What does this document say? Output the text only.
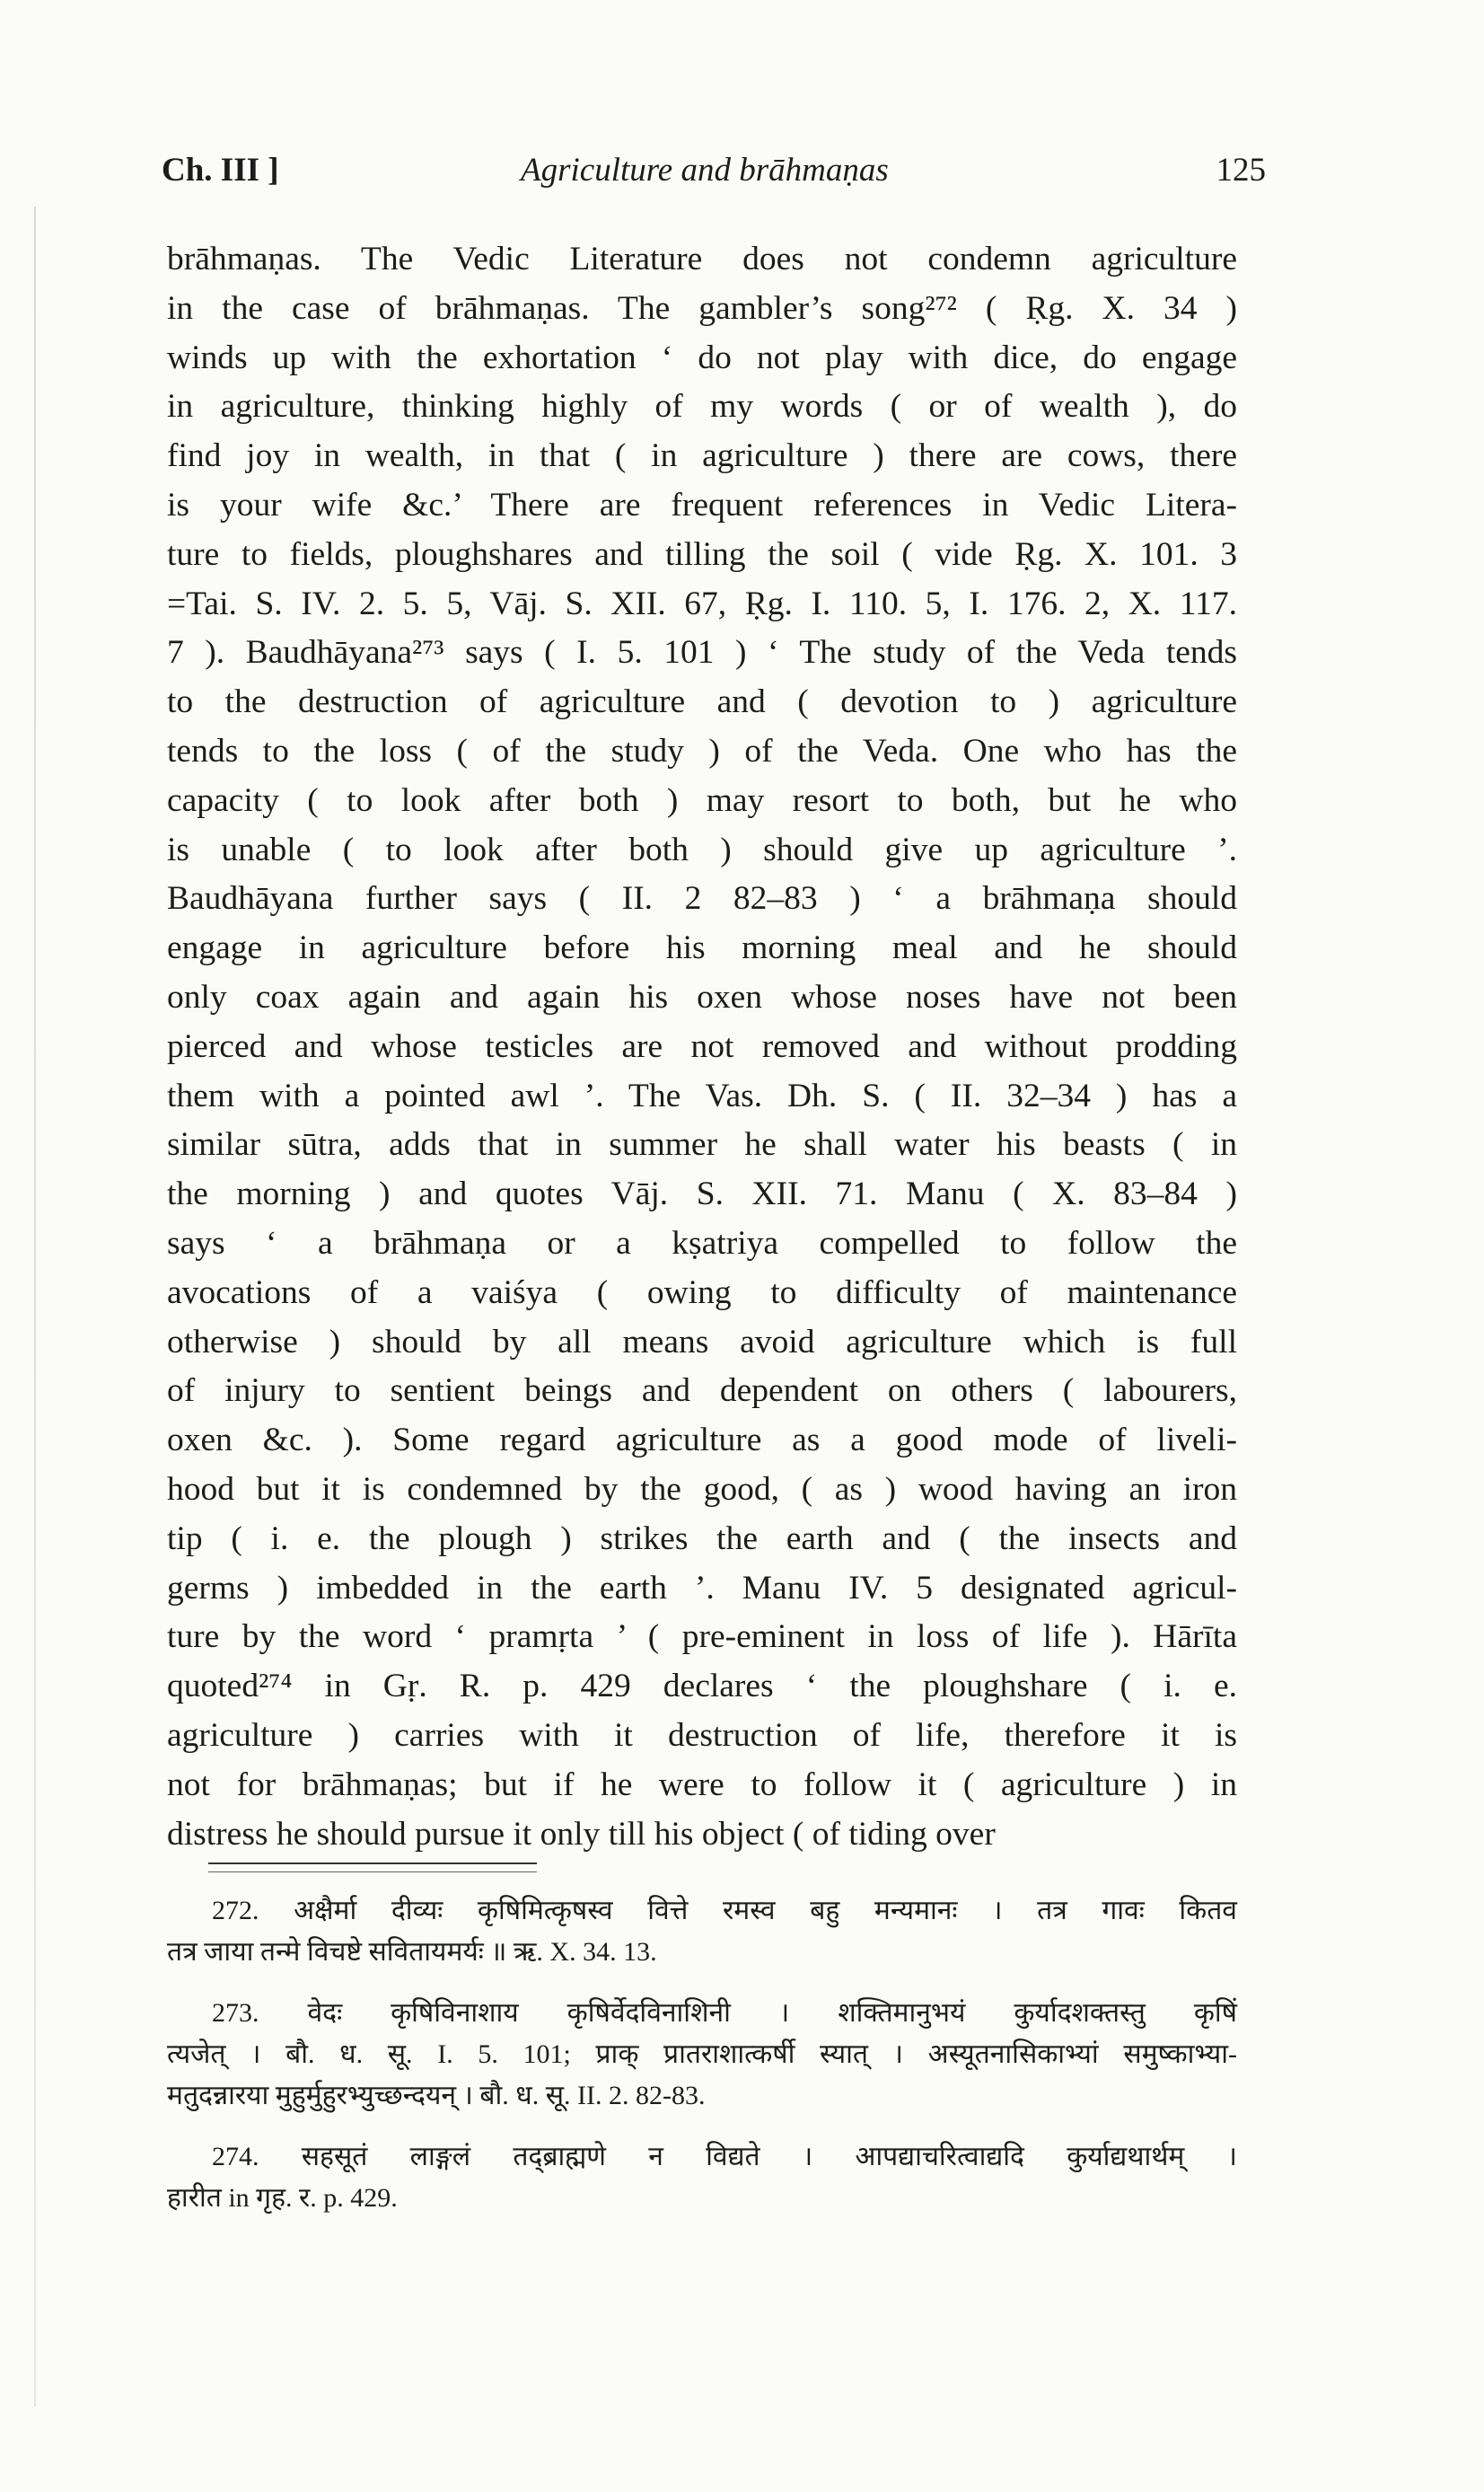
Ch. III ]	Agriculture and brāhmaṇas	125
brāhmaṇas. The Vedic Literature does not condemn agriculture
in the case of brāhmaṇas. The gambler’s song²⁷² ( Ṛg. X. 34 )
winds up with the exhortation ‘ do not play with dice, do engage
in agriculture, thinking highly of my words ( or of wealth ), do
find joy in wealth, in that ( in agriculture ) there are cows, there
is your wife &c.’ There are frequent references in Vedic Litera-
ture to fields, ploughshares and tilling the soil ( vide Ṛg. X. 101. 3
=Tai. S. IV. 2. 5. 5, Vāj. S. XII. 67, Ṛg. I. 110. 5, I. 176. 2, X. 117.
7 ). Baudhāyana²⁷³ says ( I. 5. 101 ) ‘ The study of the Veda tends
to the destruction of agriculture and ( devotion to ) agriculture
tends to the loss ( of the study ) of the Veda. One who has the
capacity ( to look after both ) may resort to both, but he who
is unable ( to look after both ) should give up agriculture ’.
Baudhāyana further says ( II. 2 82–83 ) ‘ a brāhmaṇa should
engage in agriculture before his morning meal and he should
only coax again and again his oxen whose noses have not been
pierced and whose testicles are not removed and without prodding
them with a pointed awl ’. The Vas. Dh. S. ( II. 32–34 ) has a
similar sūtra, adds that in summer he shall water his beasts ( in
the morning ) and quotes Vāj. S. XII. 71. Manu ( X. 83–84 )
says ‘ a brāhmaṇa or a kṣatriya compelled to follow the
avocations of a vaiśya ( owing to difficulty of maintenance
otherwise ) should by all means avoid agriculture which is full
of injury to sentient beings and dependent on others ( labourers,
oxen &c. ). Some regard agriculture as a good mode of liveli-
hood but it is condemned by the good, ( as ) wood having an iron
tip ( i. e. the plough ) strikes the earth and ( the insects and
germs ) imbedded in the earth ’. Manu IV. 5 designated agricul-
ture by the word ‘ pramṛta ’ ( pre-eminent in loss of life ). Hārīta
quoted²⁷⁴ in Gṛ. R. p. 429 declares ‘ the ploughshare ( i. e.
agriculture ) carries with it destruction of life, therefore it is
not for brāhmaṇas; but if he were to follow it ( agriculture ) in
distress he should pursue it only till his object ( of tiding over
272. अक्षैर्मा दीव्यः कृषिमित्कृषस्व वित्ते रमस्व बहु मन्यमानः । तत्र गावः कितव
तत्र जाया तन्मे विचष्टे सवितायमर्यः ॥ ऋ. X. 34. 13.
273. वेदः कृषिविनाशाय कृषिर्वेदविनाशिनी । शक्तिमानुभयं कुर्यादशक्तस्तु कृषिं
त्यजेत् । बौ. ध. सू. I. 5. 101; प्राक् प्रातराशात्कर्षी स्यात् । अस्यूतनासिकाभ्यां समुष्काभ्या-
मतुदन्नारया मुहुर्मुहुरभ्युच्छन्दयन् । बौ. ध. सू. II. 2. 82-83.
274. सहसूतं लाङ्गलं तद्ब्राह्मणे न विद्यते । आपद्याचरित्वाद्यदि कुर्याद्यथार्थम् ।
हारीत in गृह. र. p. 429.
